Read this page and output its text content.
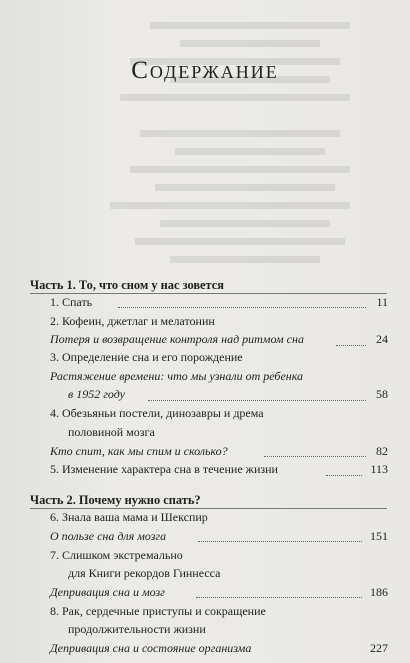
Содержание
Часть 1. То, что сном у нас зовется
1. Спать	11
2. Кофеин, джетлаг и мелатонин
Потеря и возвращение контроля над ритмом сна	24
3. Определение сна и его порождение
Растяжение времени: что мы узнали от ребенка
в 1952 году	58
4. Обезьяньи постели, динозавры и дрема
половиной мозга
Кто спит, как мы спим и сколько?	82
5. Изменение характера сна в течение жизни	113
Часть 2. Почему нужно спать?
6. Знала ваша мама и Шекспир
О пользе сна для мозга	151
7. Слишком экстремально
для Книги рекордов Гиннесса
Депривация сна и мозг	186
8. Рак, сердечные приступы и сокращение
продолжительности жизни
Депривация сна и состояние организма	227
